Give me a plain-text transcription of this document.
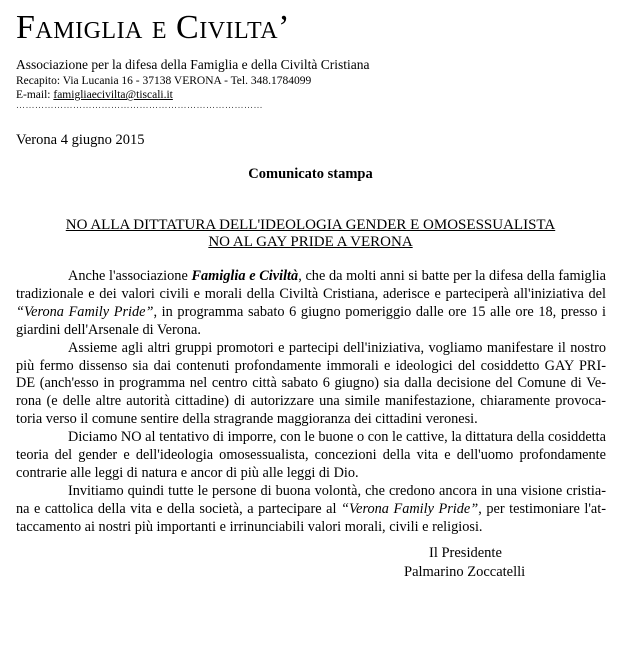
Famiglia e Civilta’
Associazione per la difesa della Famiglia e della Civiltà Cristiana
Recapito: Via Lucania 16 - 37138 VERONA - Tel. 348.1784099
E-mail: famigliaecivilta@tiscali.it
……………………………………………………………………
Verona 4 giugno 2015
Comunicato stampa
NO ALLA DITTATURA DELL'IDEOLOGIA GENDER E OMOSESSUALISTA
NO AL GAY PRIDE A VERONA

Anche l'associazione Famiglia e Civiltà, che da molti anni si batte per la difesa della famiglia
tradizionale e dei valori civili e morali della Civiltà Cristiana, aderisce e parteciperà all'iniziativa del
“Verona Family Pride”, in programma sabato 6 giugno pomeriggio dalle ore 15 alle ore 18, presso i
giardini dell'Arsenale di Verona.

Assieme agli altri gruppi promotori e partecipi dell'iniziativa, vogliamo manifestare il nostro
più fermo dissenso sia dai contenuti profondamente immorali e ideologici del cosiddetto GAY PRI-
DE (anch'esso in programma nel centro città sabato 6 giugno) sia dalla decisione del Comune di Ve-
rona (e delle altre autorità cittadine) di autorizzare una simile manifestazione, chiaramente provoca-
toria verso il comune sentire della stragrande maggioranza dei cittadini veronesi.

Diciamo NO al tentativo di imporre, con le buone o con le cattive, la dittatura della cosiddetta
teoria del gender e dell'ideologia omosessualista, concezioni della vita e dell'uomo profondamente
contrarie alle leggi di natura e ancor di più alle leggi di Dio.

Invitiamo quindi tutte le persone di buona volontà, che credono ancora in una visione cristia-
na e cattolica della vita e della società, a partecipare al “Verona Family Pride”, per testimoniare l'at-
taccamento ai nostri più importanti e irrinunciabili valori morali, civili e religiosi.

Il Presidente
Palmarino Zoccatelli
